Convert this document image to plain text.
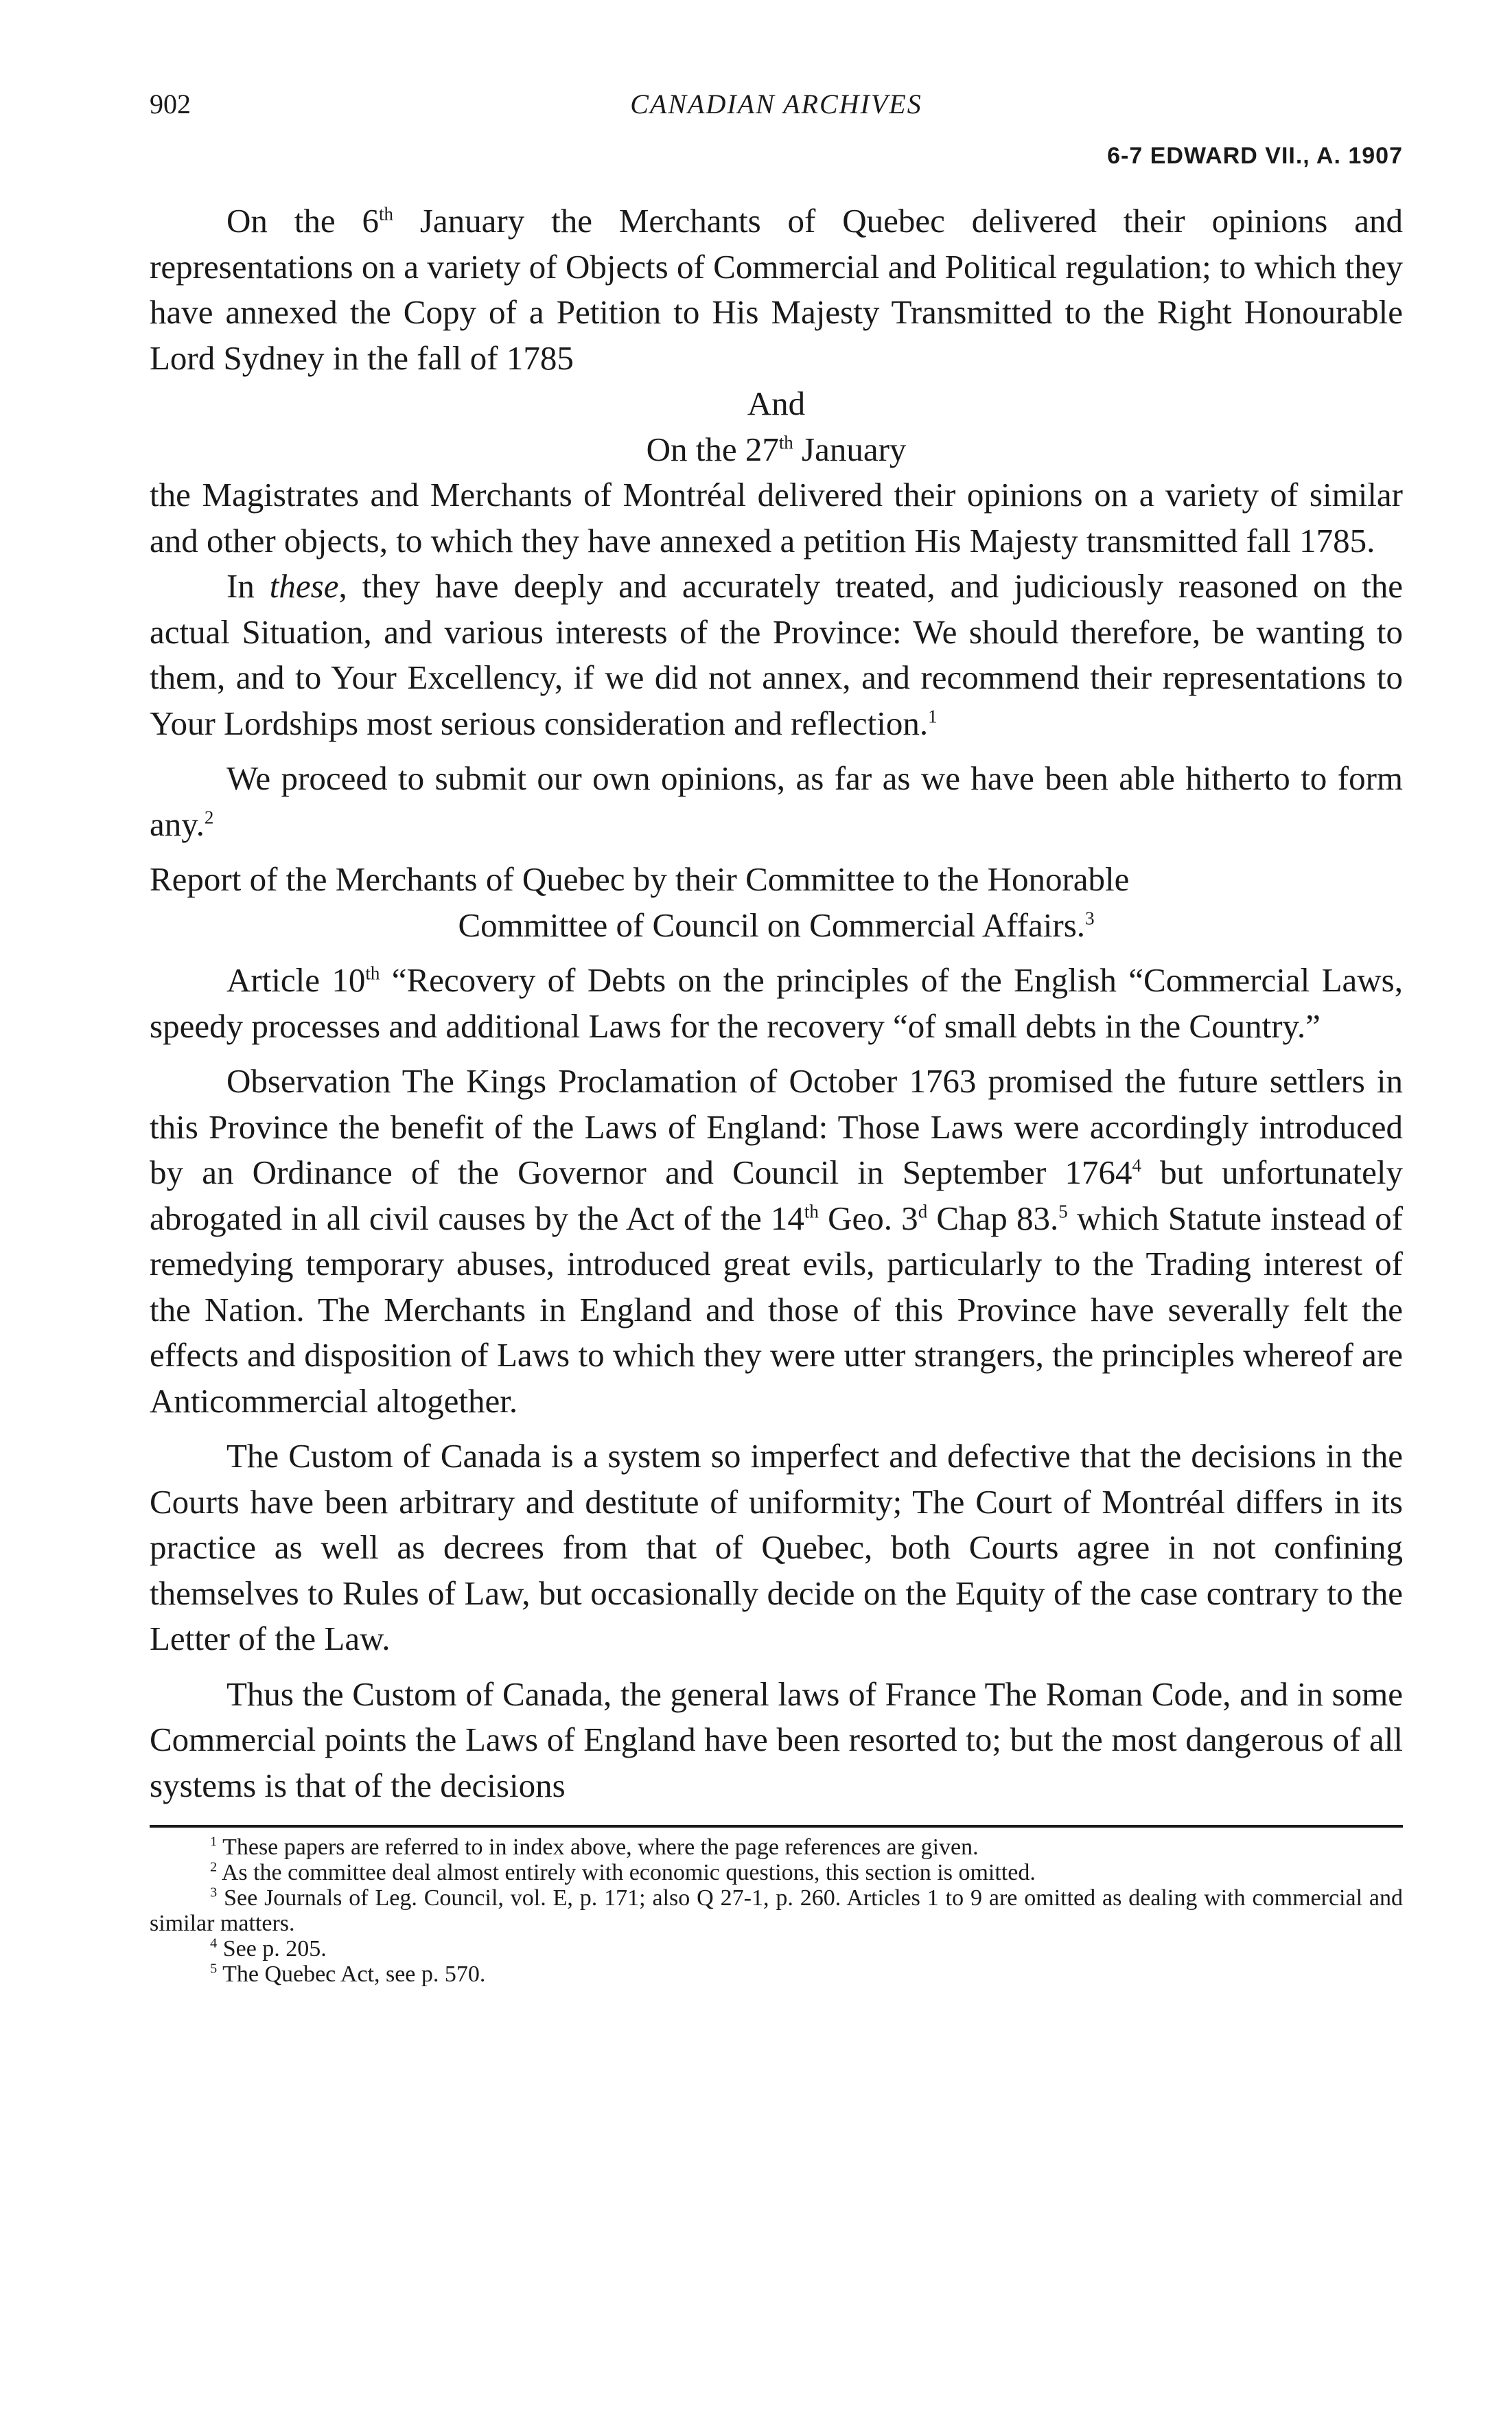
902	CANADIAN ARCHIVES
6-7 EDWARD VII., A. 1907

On the 6th January the Merchants of Quebec delivered their opinions and representations on a variety of Objects of Commercial and Political regulation; to which they have annexed the Copy of a Petition to His Majesty Transmitted to the Right Honourable Lord Sydney in the fall of 1785

And

On the 27th January

the Magistrates and Merchants of Montréal delivered their opinions on a variety of similar and other objects, to which they have annexed a petition His Majesty transmitted fall 1785.

In these, they have deeply and accurately treated, and judiciously reasoned on the actual Situation, and various interests of the Province: We should therefore, be wanting to them, and to Your Excellency, if we did not annex, and recommend their representations to Your Lordships most serious consideration and reflection.$^1$

We proceed to submit our own opinions, as far as we have been able hitherto to form any.$^2$

Report of the Merchants of Quebec by their Committee to the Honorable
Committee of Council on Commercial Affairs.$^3$

Article 10th “Recovery of Debts on the principles of the English “Commercial Laws, speedy processes and additional Laws for the recovery “of small debts in the Country.”

Observation The Kings Proclamation of October 1763 promised the future settlers in this Province the benefit of the Laws of England: Those Laws were accordingly introduced by an Ordinance of the Governor and Council in September 1764$^4$ but unfortunately abrogated in all civil causes by the Act of the 14th Geo. 3$^d$ Chap 83.$^5$ which Statute instead of remedying temporary abuses, introduced great evils, particularly to the Trading interest of the Nation. The Merchants in England and those of this Province have severally felt the effects and disposition of Laws to which they were utter strangers, the principles whereof are Anticommercial altogether.

The Custom of Canada is a system so imperfect and defective that the decisions in the Courts have been arbitrary and destitute of uniformity; The Court of Montréal differs in its practice as well as decrees from that of Quebec, both Courts agree in not confining themselves to Rules of Law, but occasionally decide on the Equity of the case contrary to the Letter of the Law.

Thus the Custom of Canada, the general laws of France The Roman Code, and in some Commercial points the Laws of England have been resorted to; but the most dangerous of all systems is that of the decisions

$^1$ These papers are referred to in index above, where the page references are given.

$^2$ As the committee deal almost entirely with economic questions, this section is omitted.

$^3$ See Journals of Leg. Council, vol. E, p. 171; also Q 27-1, p. 260. Articles 1 to 9 are omitted as dealing with commercial and similar matters.

$^4$ See p. 205.

$^5$ The Quebec Act, see p. 570.
